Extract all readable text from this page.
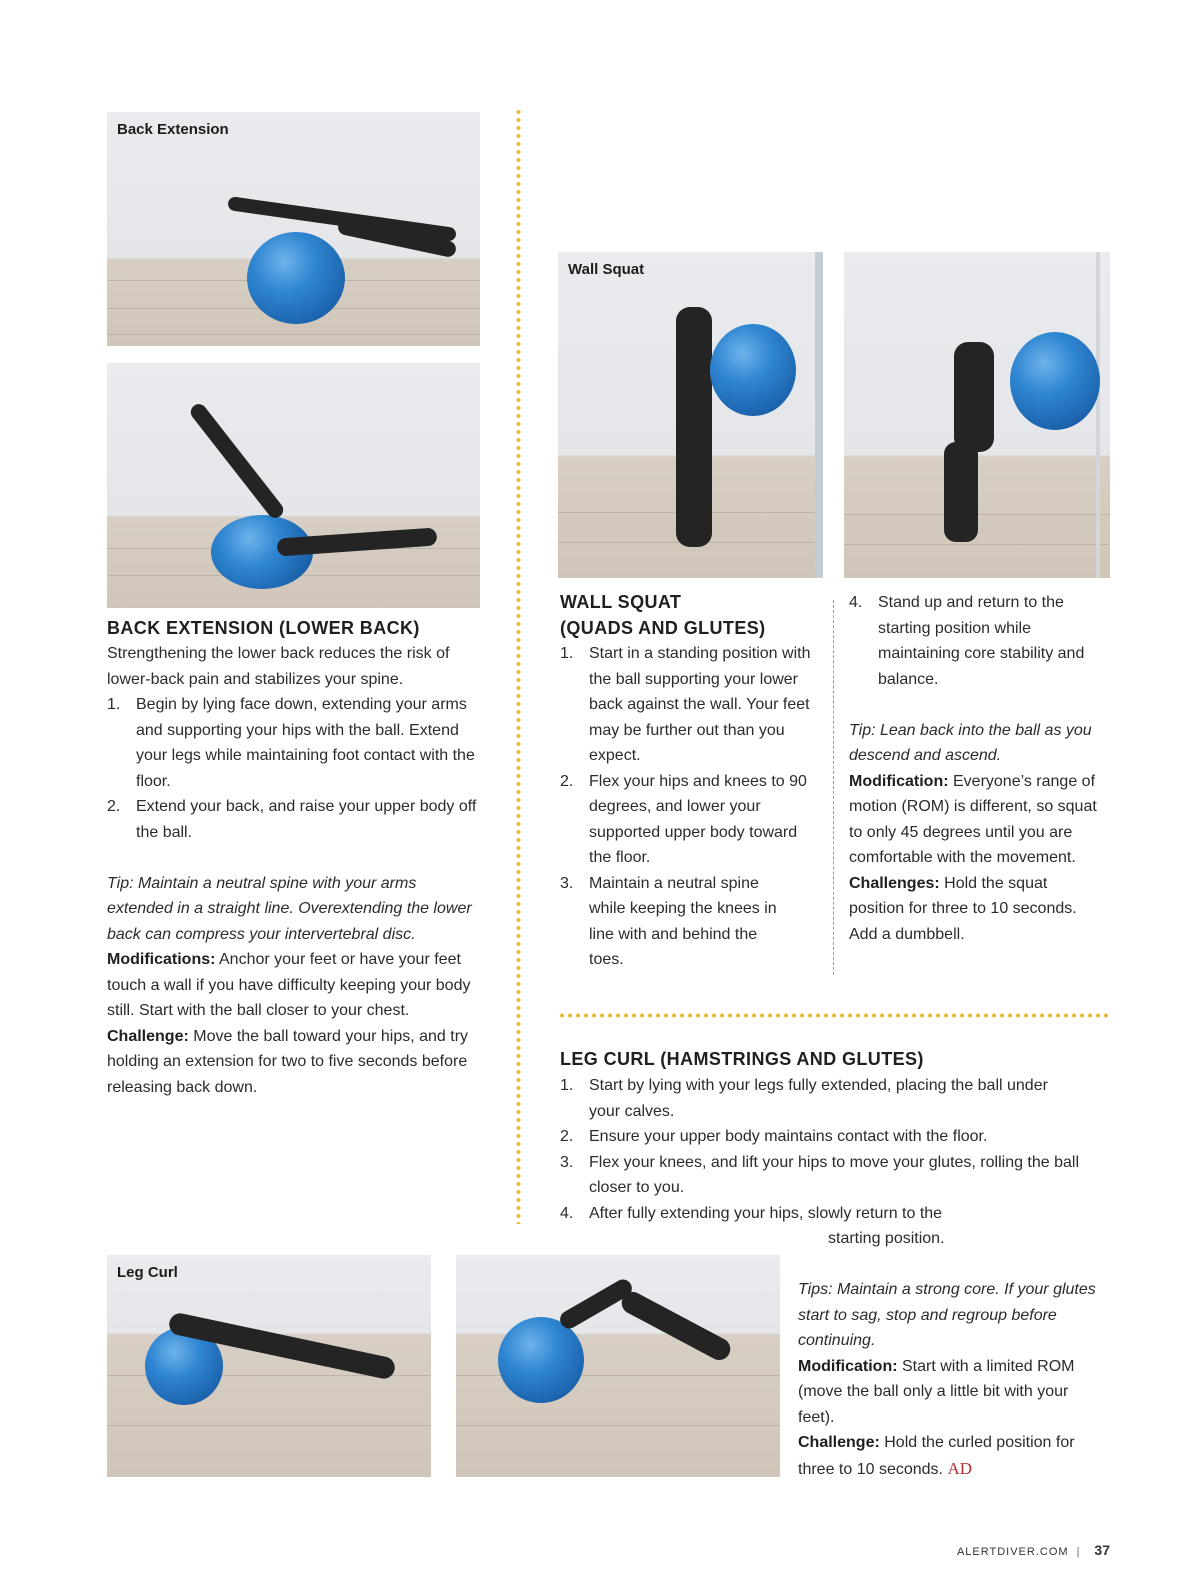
Back Extension
Wall Squat
Leg Curl
BACK EXTENSION (LOWER BACK)

Strengthening the lower back reduces the risk of lower-back pain and stabilizes your spine.

1. Begin by lying face down, extending your arms and supporting your hips with the ball. Extend your legs while maintaining foot contact with the floor.
2. Extend your back, and raise your upper body off the ball.

Tip: Maintain a neutral spine with your arms extended in a straight line. Overextending the lower back can compress your intervertebral disc.

Modifications: Anchor your feet or have your feet touch a wall if you have difficulty keeping your body still. Start with the ball closer to your chest.

Challenge: Move the ball toward your hips, and try holding an extension for two to five seconds before releasing back down.

WALL SQUAT
(QUADS AND GLUTES)
1. Start in a standing position with the ball supporting your lower back against the wall. Your feet may be further out than you expect.
2. Flex your hips and knees to 90 degrees, and lower your supported upper body toward the floor.
3. Maintain a neutral spine while keeping the knees in line with and behind the toes.
4. Stand up and return to the starting position while maintaining core stability and balance.

Tip: Lean back into the ball as you descend and ascend.

Modification: Everyone’s range of motion (ROM) is different, so squat to only 45 degrees until you are comfortable with the movement.

Challenges: Hold the squat position for three to 10 seconds. Add a dumbbell.

LEG CURL (HAMSTRINGS AND GLUTES)
1. Start by lying with your legs fully extended, placing the ball under your calves.
2. Ensure your upper body maintains contact with the floor.
3. Flex your knees, and lift your hips to move your glutes, rolling the ball closer to you.
4. After fully extending your hips, slowly return to the

starting position.

Tips: Maintain a strong core. If your glutes start to sag, stop and regroup before continuing.

Modification: Start with a limited ROM (move the ball only a little bit with your feet).

Challenge: Hold the curled position for three to 10 seconds. AD

ALERTDIVER.COM | 37
